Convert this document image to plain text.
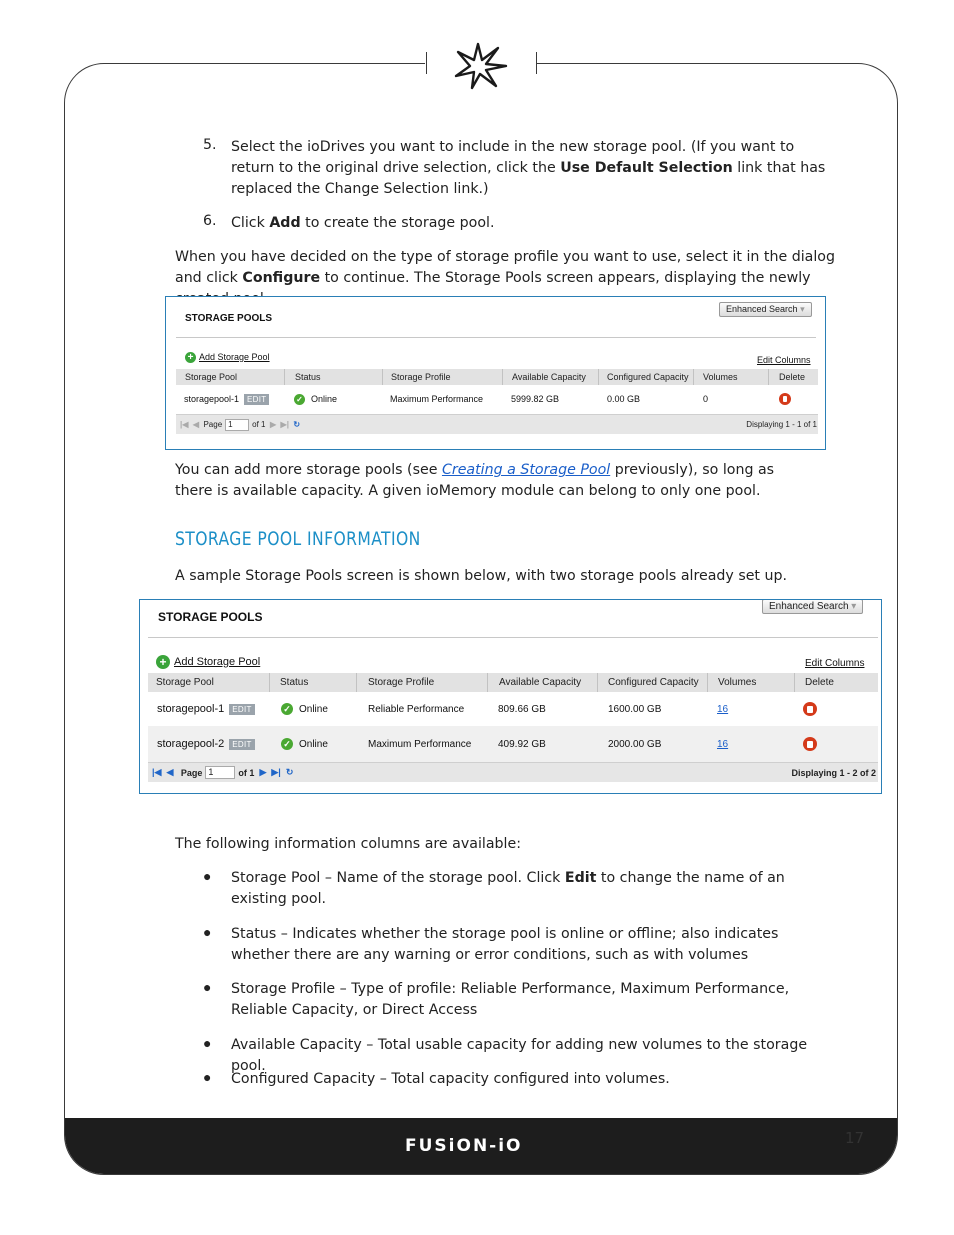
FUSiON-iO	17
5. Select the ioDrives you want to include in the new storage pool. (If you want to return to the original drive selection, click the Use Default Selection link that has replaced the Change Selection link.)

6. Click Add to create the storage pool.

When you have decided on the type of storage profile you want to use, select it in the dialog and click Configure to continue. The Storage Pools screen appears, displaying the newly

STORAGE POOLS
Enhanced Search ▾
+ Add Storage Pool	Edit Columns
Storage Pool	Status	Storage Profile	Available Capacity	Configured Capacity	Volumes	Delete
storagepool-1	EDIT	✓ Online	Maximum Performance	5999.82 GB	0.00 GB	0
|◀
◀
Page 1	of 1
▶
▶|
↻	Displaying 1 - 1 of 1

You can add more storage pools (see Creating a Storage Pool previously), so long as there is available capacity. A given ioMemory module can belong to only one pool.

STORAGE POOL INFORMATION

A sample Storage Pools screen is shown below, with two storage pools already set up.

STORAGE POOLS
Enhanced Search ▾
+ Add Storage Pool	Edit Columns
Storage Pool	Status	Storage Profile	Available Capacity	Configured Capacity	Volumes	Delete
storagepool-1	EDIT	✓ Online	Reliable Performance	809.66 GB	1600.00 GB	16
storagepool-2	EDIT	✓ Online	Maximum Performance	409.92 GB	2000.00 GB	16
|◀
◀
Page 1	of 1
▶
▶|
↻	Displaying 1 - 2 of 2

The following information columns are available:

● Storage Pool – Name of the storage pool. Click Edit to change the name of an existing pool.

● Status – Indicates whether the storage pool is online or offline; also indicates whether there are any warning or error conditions, such as with volumes

● Storage Profile – Type of profile: Reliable Performance, Maximum Performance, Reliable Capacity, or Direct Access

● Available Capacity – Total usable capacity for adding new volumes to the storage pool.

● Configured Capacity – Total capacity configured into volumes.
